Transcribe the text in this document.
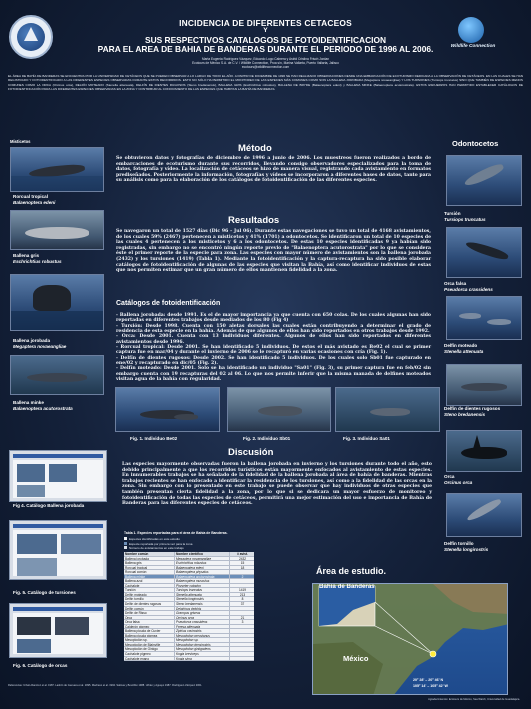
INCIDENCIA DE DIFERENTES CETACEOS
Y
SUS RESPECTIVOS CATALOGOS DE FOTOIDENTIFICACION
PARA EL AREA DE BAHIA DE BANDERAS DURANTE EL PERIODO DE 1996 AL 2006.	Wildlife Connection
Marta Eugenia Rodríguez Vázquez, Eduardo Lugo Cabrera y Astrid Cristina Frisch Jordan
Ecotours de México S.A. de C.V. / Wildlife Connection, Proa s/n, Marina Vallarta, Puerto Vallarta, Jalisco
ecotours@wildlifeconnection.com
EL ÁREA DE BAHÍA DE BANDERAS SE ENCUENTRA POR LA UNIVERSIDAD DE CETÁCEOS QUE SE PUEDEN OBSERVAR A LO LARGO DE TODO EL AÑO. A PARTIR DE DICIEMBRE DE 1996 SE HAN REALIZADO OBSERVACIONES DESDE UNA EMBARCACIÓN DE ECOTURISMO DEDICADA A LA OBSERVACIÓN DE CETÁCEOS. EN LAS CUALES SE HAN REGISTRADO Y FOTOIDENTIFICADO A LAS DIFERENTES ESPECIES OBSERVADAS DURANTE ESTOS RECORRIDOS. ESTO NO SÓLO HA PERMITIDO EL MONITOREO DE LAS ESPECIES MÁS COMUNES COMO SON LA BALLENA JOROBADA (Megaptera novaeangliae) Y LOS TURSIONES (Tursiops truncatus) SINO QUE TAMBIÉN DE ESPECIES MENOS COMUNES COMO LA ORCA (Orcinus orca), DELFÍN MOTEADO (Stenella attenuata), DELFÍN DE DIENTES RUGOSOS (Steno bredanensis), BALLENA GRIS (Eschrichtius robustus), BALLENA DE BRYDE (Balaenoptera edeni) y BALLENA MINKE (Balaenoptera acutorostrata). ESTOS ESFUERZOS HAN PERMITIDO ESTABLECER CATÁLOGOS DE FOTOIDENTIFICACIÓN PARA LAS DIFERENTES ESPECIES OBSERVADAS EN LA ZONA Y CONTRIBUIR AL CONOCIMIENTO DE LAS ESPECIES QUE HABITAN LA BAHÍA DE BANDERAS.
Misticetos
Rorcual tropical
Balaenoptera edeni
Ballena gris
Eschrichtius robustus
Ballena jorobada
Megaptera novaeangliae
Ballena minke
Balaenoptera acutorostrata
Fig 4. Catálogo Ballena jorobada
Fig. 5. Catálogo de tursiones
Fig. 6. Catálogo de orcas
Método
Se obtuvieron datos y fotografías de diciembre de 1996 a junio de 2006. Los muestreos fueron realizados a bordo de embarcaciones de ecoturismo durante sus recorridos, llevando consigo observadores especializados para la toma de datos, fotografía y vídeo. La localización de cetáceos se hizo de manera visual, registrando cada avistamiento en formatos prediseñados. Posteriormente la información, fotografías y vídeos se incorporaron a diferentes bases de datos, tanto para su análisis como para la elaboración de los catálogos de fotoidentificación de las diferentes especies.
Resultados
Se navegaron un total de 1527 días (Dic 96 – Jul 06). Durante estas navegaciones se tuvo un total de 4168 avistamientos, de los cuales 59% (2467) pertenecen a misticetos y 41% (1701) a odontocetos. Se identificaron un total de 10 especies de las cuales 4 pertenecen a los misticetos y 6 a los odontocetos. De estas 10 especies identificadas 9 ya habían sido registradas, sin embargo no se encontró ningún reporte previo de "Balaenoptera acutorostrata" por lo que se considera éste el primer reporte de la especie para zona. Las especies con mayor número de avistamientos son la ballena jorobada (2432) y los tursiones (1419) (Tabla 1). Mediante la fotoidentificación y la captura-recaptura ha sido posible elaborar catálogos de fotoidentificación de algunas de las especies que visitan la Bahía, así como identificar individuos de estas que nos permiten estimar que un gran número de ellos mantienen fidelidad a la zona.
Catálogos de fotoidentificación
- Ballena jorobada: desde 1991. Es el de mayor importancia ya que cuenta con 650 colas. De los cuales algunas han sido reportadas en diferentes trabajos desde mediados de los 80 (Fig 4)
- Tursión: Desde 1998. Cuenta con 150 aletas dorsales las cuales están contribuyendo a determinar el grado de residencia de esta especie en la bahía. Además de que algunos de ellos han sido reportados en otros trabajos desde 1992.
- Orca: Desde 2001. Cuenta con 13 individuos diferentes. Algunos de ellos han sido reportados en diferentes avistamientos desde 1996.
- Rorcual tropical: Desde 2001. Se han identificado 5 individuos. De estos el más avistado es Be02 el cual se primer captura fue en mar/04 y durante el invierno de 2006 se le recapturó en varias ocasiones con cría (Fig. 1).
- Delfín de dientes rugosos: Desde 2002. Se han identificado 5 individuos. De los cuales solo Sb01 fue capturado en ene/02 y recapturado en dic/05 (Fig. 2).
- Delfín moteado: Desde 2001. Solo se ha identificado un individuo "Sa01" (Fig. 3), su primer captura fue en feb/02 sin embargo cuenta con 19 recapturas del 02 al 06. Lo que nos permite inferir que la misma manada de delfines moteados visitan agua de la bahía con regularidad.
Fig. 1. Individuo Be02	Fig. 2. Individuo Sb01	Fig. 3. Individuo Sa01
Discusión
Las especies mayormente observadas fueron la ballena jorobada en invierno y los tursiones durante todo el año, esto debido principalmente a que los recorridos turísticos están mayormente enfocados al avistamiento de estas especies. En innumerables trabajos se ha señalado de la fidelidad de la ballena jorobada al área de bahía de banderas. Mientras trabajos recientes se han enfocado a identificar la residencia de los tursiones, así como a la fidelidad de las orcas en la zona. Sin embargo con lo presentado en este trabajo se puede observar que hay individuos de otras especies que también presentan cierta fidelidad a la zona, por lo que si se dedicara un mayor esfuerzo de monitoreo y fotoidentificación de todas las especies de cetáceos, permitirá una mejor estimación del uso e importancia de Bahía de Banderas para las diferentes especies de cetáceos.
Tabla 1. Especies reportadas para el área de Bahía de Banderas.
Especies identificadas en este estudio
Especie reportada por primera vez para la zona
Número de avistamientos en este trabajo
Nombre común	Nombre científico	# avist.
Ballena jorobada	Megaptera novaeangliae	2432
Ballena gris	Eschrichtius robustus	15
Rorcual tropical	Balaenoptera edeni	18
Rorcual común	Balaenoptera physalus
Ballena minke	Balaenoptera acutorostrata	2
Ballena azul	Balaenoptera musculus
Cachalote	Physeter catodon
Tursión	Tursiops truncatus	1419
Delfín moteado	Stenella attenuata	213
Delfín tornillo	Stenella longirostris	8
Delfín de dientes rugosos	Steno bredanensis	37
Delfín común	Delphinus delphis
Delfín de Risso	Grampus griseus
Orca	Orcinus orca	21
Orca falsa	Pseudorca crassidens	3
Calderón pigmeo	Feresa attenuata
Ballena picuda de Cuvier	Ziphius cavirostris
Ballena picuda pigmea	Mesoplodon peruvianus
Mesoplodón sp.	Mesoplodon sp.
Mesoplodón de Blainville	Mesoplodon densirostris
Mesoplodón de Ginkgo	Mesoplodon ginkgodens
Cachalote pigmeo	Kogia breviceps
Cachalote enano	Kogia sima
Odontocetos
Tursión
Tursiops truncatus
Orca falsa
Pseudorca crassidens
Delfín moteado
Stenella attenuata
Delfín de dientes rugosos
Steno bredanensis
Orca
Orcinus orca
Delfín tornillo
Stenella longirostris
Área de estudio.
Bahía de Banderas
México
20° 28’ – 20° 46’ N
105° 14’ – 105° 42’ W
Referencias: Urbán-Ramírez et al. 1987. Ladrón de Guevara et al. 1995. Medrano et al. 1994. Salinas y Bourillón 1988. Urbán y Aguayo 1987. Rodríguez-Vázquez 2001.
Agradecimientos: Ecotours de México, Sea Watch, Universidad de Guadalajara.
